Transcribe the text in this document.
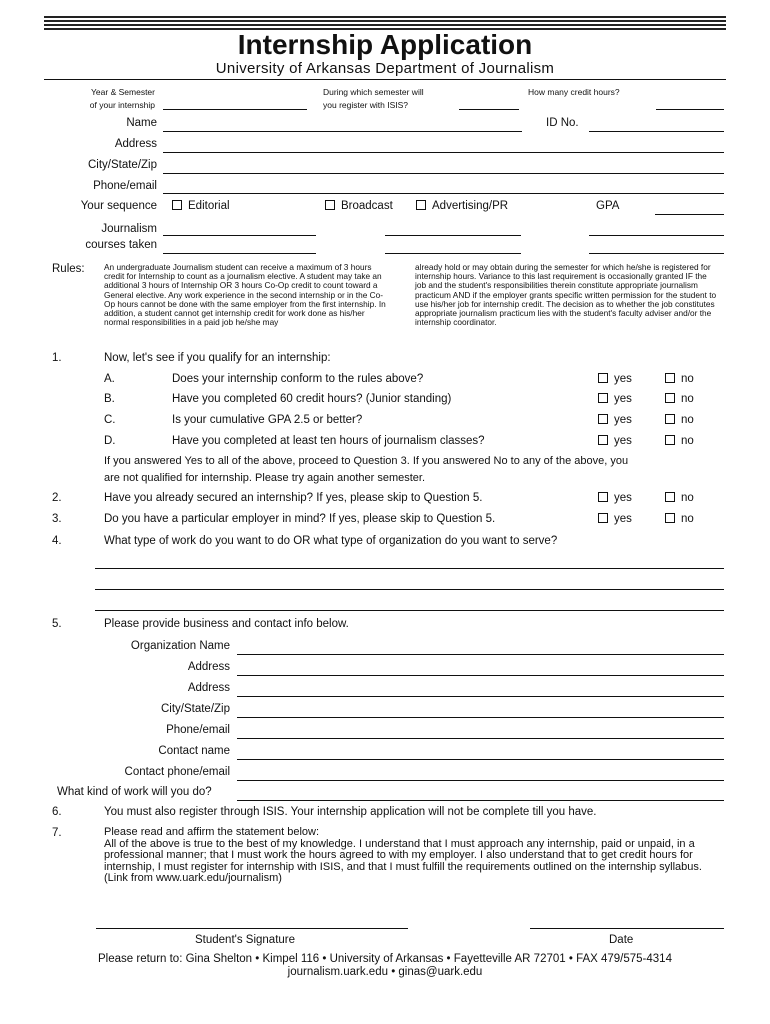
Internship Application
University of Arkansas Department of Journalism
Year & Semester
of your internship
During which semester will
you register with ISIS?
How many credit hours?
Name	ID No.
Address
City/State/Zip
Phone/email
Your sequence	Editorial	Broadcast	Advertising/PR	GPA
Journalism
courses taken
Rules: An undergraduate Journalism student can receive a maximum of 3 hours credit for Internship to count as a journalism elective. A student may take an additional 3 hours of Internship OR 3 hours Co-Op credit to count toward a General elective. Any work experience in the second internship or in the Co-Op hours cannot be done with the same employer from the first internship. In addition, a student cannot get internship credit for work done as his/her normal responsibilities in a paid job he/she may
already hold or may obtain during the semester for which he/she is registered for internship hours. Variance to this last requirement is occasionally granted IF the job and the student's responsibilities therein constitute appropriate journalism practicum AND if the employer grants specific written permission for the student to use his/her job for internship credit. The decision as to whether the job constitutes appropriate journalism practicum lies with the student's faculty adviser and/or the internship coordinator.
1.	Now, let's see if you qualify for an internship:
A.	Does your internship conform to the rules above?	yes	no
B.	Have you completed 60 credit hours? (Junior standing)	yes	no
C.	Is your cumulative GPA 2.5 or better?	yes	no
D.	Have you completed at least ten hours of journalism classes?	yes	no
If you answered Yes to all of the above, proceed to Question 3. If you answered No to any of the above, you
are not qualified for internship. Please try again another semester.
2.	Have you already secured an internship? If yes, please skip to Question 5.	yes	no
3.	Do you have a particular employer in mind? If yes, please skip to Question 5.	yes	no
4.	What type of work do you want to do OR what type of organization do you want to serve?
5.	Please provide business and contact info below.
Organization Name
Address
Address
City/State/Zip
Phone/email
Contact name
Contact phone/email
What kind of work will you do?
6.	You must also register through ISIS. Your internship application will not be complete till you have.
7.	Please read and affirm the statement below:
All of the above is true to the best of my knowledge. I understand that I must approach any internship, paid or unpaid, in a professional manner; that I must work the hours agreed to with my employer. I also understand that to get credit hours for internship, I must register for internship with ISIS, and that I must fulfill the requirements outlined on the internship syllabus. (Link from www.uark.edu/journalism)
Student's Signature	Date
Please return to: Gina Shelton • Kimpel 116 • University of Arkansas • Fayetteville AR 72701 • FAX 479/575-4314
journalism.uark.edu • ginas@uark.edu
